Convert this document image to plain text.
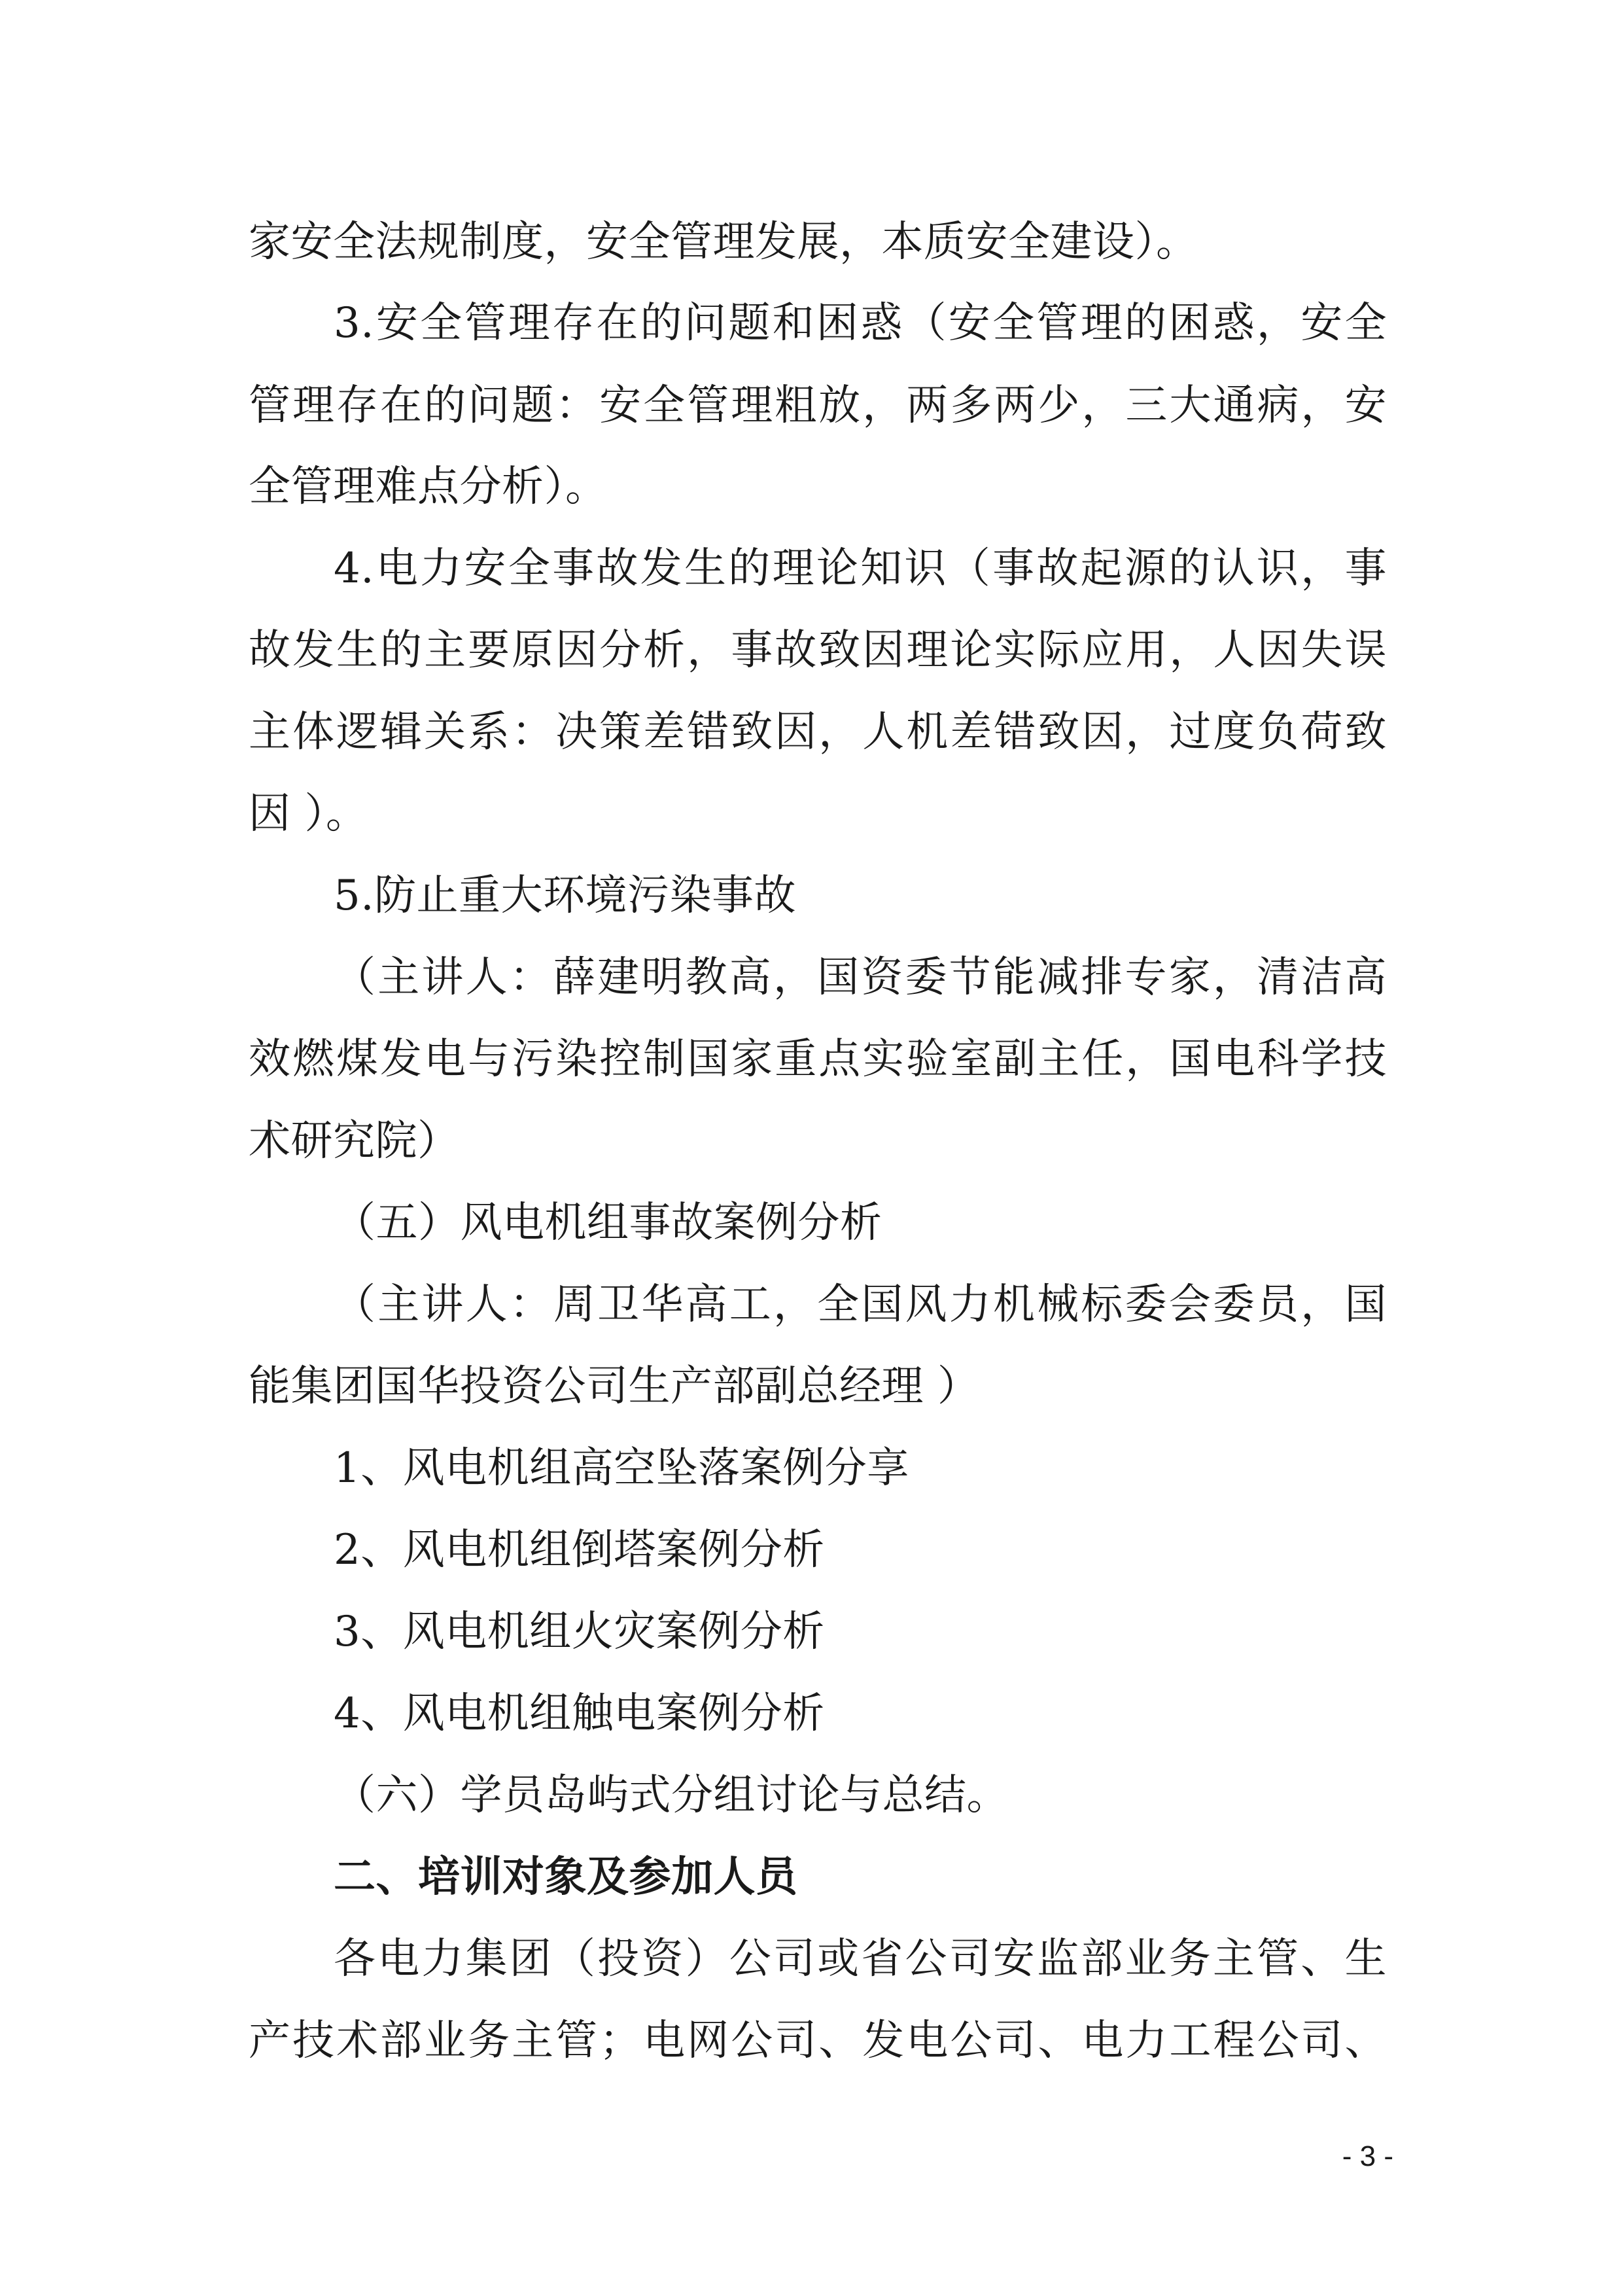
家安全法规制度，安全管理发展，本质安全建设）。
3.安全管理存在的问题和困惑（安全管理的困惑，安全
管理存在的问题：安全管理粗放，两多两少，三大通病，安
全管理难点分析）。
4.电力安全事故发生的理论知识（事故起源的认识，事
故发生的主要原因分析，事故致因理论实际应用，人因失误
主体逻辑关系：决策差错致因，人机差错致因，过度负荷致
因 ）。
5.防止重大环境污染事故
（主讲人：薛建明教高，国资委节能减排专家，清洁高
效燃煤发电与污染控制国家重点实验室副主任，国电科学技
术研究院）
（五）风电机组事故案例分析
（主讲人：周卫华高工，全国风力机械标委会委员，国
能集团国华投资公司生产部副总经理 ）
1、风电机组高空坠落案例分享
2、风电机组倒塔案例分析
3、风电机组火灾案例分析
4、风电机组触电案例分析
（六）学员岛屿式分组讨论与总结。
二、培训对象及参加人员
各电力集团（投资）公司或省公司安监部业务主管、生
产技术部业务主管；电网公司、发电公司、电力工程公司、
- 3 -
